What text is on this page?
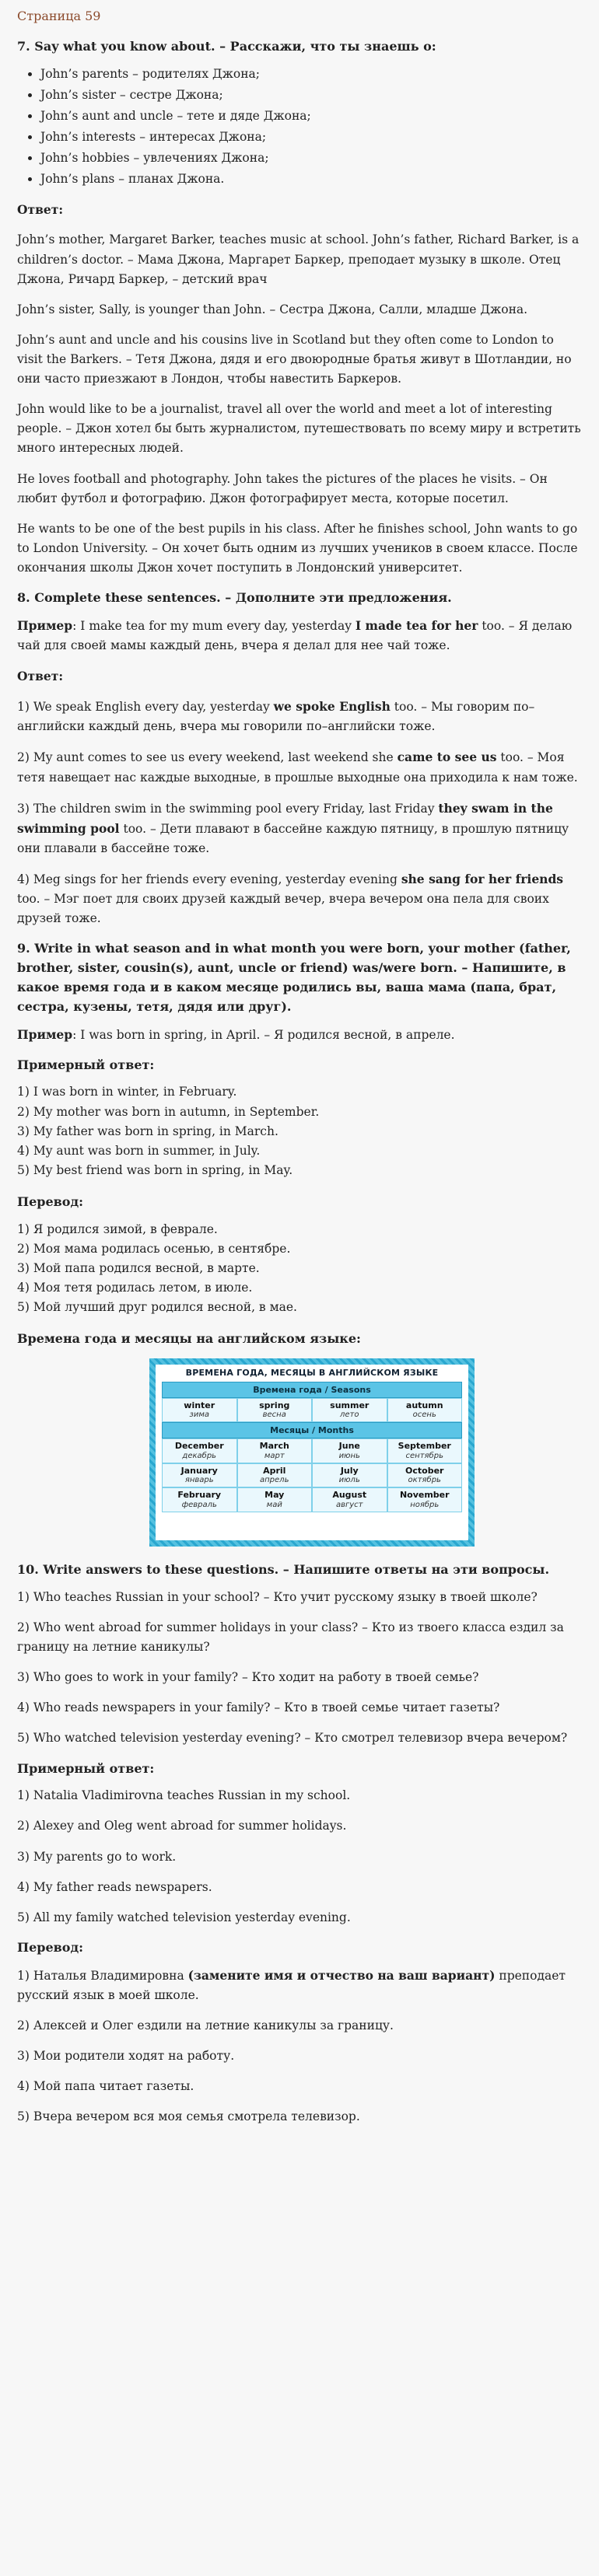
Страница 59
7. Say what you know about. – Расскажи, что ты знаешь о:
• John’s parents – родителях Джона;
• John’s sister – сестре Джона;
• John’s aunt and uncle – тете и дяде Джона;
• John’s interests – интересах Джона;
• John’s hobbies – увлечениях Джона;
• John’s plans – планах Джона.

Ответ:

John’s mother, Margaret Barker, teaches music at school. John’s father, Richard Barker, is a children’s doctor. – Мама Джона, Маргарет Баркер, преподает музыку в школе. Отец Джона, Ричард Баркер, – детский врач

John’s sister, Sally, is younger than John. – Сестра Джона, Салли, младше Джона.

John’s aunt and uncle and his cousins live in Scotland but they often come to London to visit the Barkers. – Тетя Джона, дядя и его двоюродные братья живут в Шотландии, но они часто приезжают в Лондон, чтобы навестить Баркеров.

John would like to be a journalist, travel all over the world and meet a lot of interesting people. – Джон хотел бы быть журналистом, путешествовать по всему миру и встретить много интересных людей.

He loves football and photography. John takes the pictures of the places he visits. – Он любит футбол и фотографию. Джон фотографирует места, которые посетил.

He wants to be one of the best pupils in his class. After he finishes school, John wants to go to London University. – Он хочет быть одним из лучших учеников в своем классе. После окончания школы Джон хочет поступить в Лондонский университет.

8. Complete these sentences. – Дополните эти предложения.

Пример: I make tea for my mum every day, yesterday I made tea for her too. – Я делаю чай для своей мамы каждый день, вчера я делал для нее чай тоже.

Ответ:

1) We speak English every day, yesterday we spoke English too. – Мы говорим по–английски каждый день, вчера мы говорили по–английски тоже.

2) My aunt comes to see us every weekend, last weekend she came to see us too. – Моя тетя навещает нас каждые выходные, в прошлые выходные она приходила к нам тоже.

3) The children swim in the swimming pool every Friday, last Friday they swam in the swimming pool too. – Дети плавают в бассейне каждую пятницу, в прошлую пятницу они плавали в бассейне тоже.

4) Meg sings for her friends every evening, yesterday evening she sang for her friends too. – Мэг поет для своих друзей каждый вечер, вчера вечером она пела для своих друзей тоже.

9. Write in what season and in what month you were born, your mother (father, brother, sister, cousin(s), aunt, uncle or friend) was/were born. – Напишите, в какое время года и в каком месяце родились вы, ваша мама (папа, брат, сестра, кузены, тетя, дядя или друг).

Пример: I was born in spring, in April. – Я родился весной, в апреле.

Примерный ответ:

1) I was born in winter, in February.

2) My mother was born in autumn, in September.

3) My father was born in spring, in March.

4) My aunt was born in summer, in July.

5) My best friend was born in spring, in May.

Перевод:

1) Я родился зимой, в феврале.

2) Моя мама родилась осенью, в сентябре.

3) Мой папа родился весной, в марте.

4) Моя тетя родилась летом, в июле.

5) Мой лучший друг родился весной, в мае.

Времена года и месяцы на английском языке:
ВРЕМЕНА ГОДА, МЕСЯЦЫ В АНГЛИЙСКОМ ЯЗЫКЕ
Времена года / Seasons
winter
зима
spring
весна
summer
лето
autumn
осень
Месяцы / Months
December
декабрь
March
март
June
июнь
September
сентябрь
January
январь
April
апрель
July
июль
October
октябрь
February
февраль
May
май
August
август
November
ноябрь
10. Write answers to these questions. – Напишите ответы на эти вопросы.

1) Who teaches Russian in your school? – Кто учит русскому языку в твоей школе?

2) Who went abroad for summer holidays in your class? – Кто из твоего класса ездил за границу на летние каникулы?

3) Who goes to work in your family? – Кто ходит на работу в твоей семье?

4) Who reads newspapers in your family? – Кто в твоей семье читает газеты?

5) Who watched television yesterday evening? – Кто смотрел телевизор вчера вечером?

Примерный ответ:

1) Natalia Vladimirovna teaches Russian in my school.

2) Alexey and Oleg went abroad for summer holidays.

3) My parents go to work.

4) My father reads newspapers.

5) All my family watched television yesterday evening.

Перевод:

1) Наталья Владимировна (замените имя и отчество на ваш вариант) преподает русский язык в моей школе.

2) Алексей и Олег ездили на летние каникулы за границу.

3) Мои родители ходят на работу.

4) Мой папа читает газеты.

5) Вчера вечером вся моя семья смотрела телевизор.
